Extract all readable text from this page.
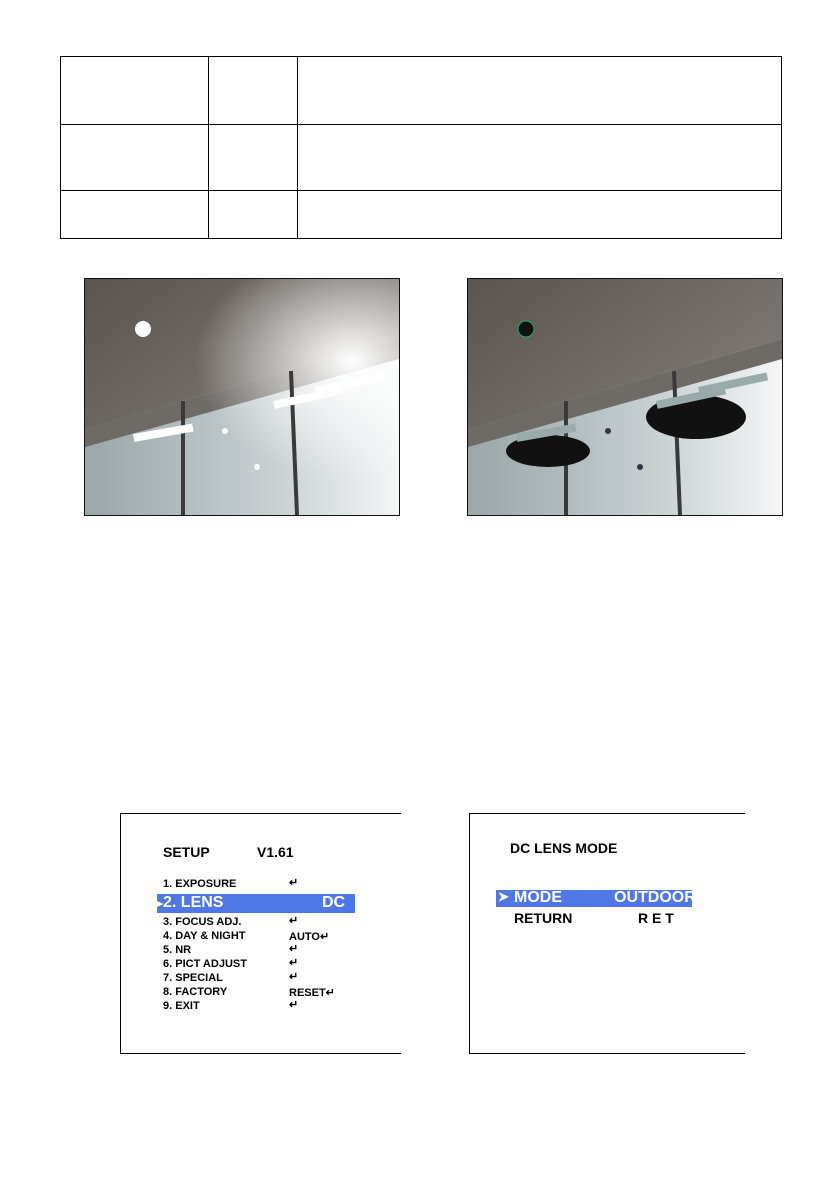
SETUP	V1.61
1. EXPOSURE	↵
➤ 2. LENS	DC
3. FOCUS ADJ.	↵
4. DAY & NIGHT	AUTO↵
5. NR	↵
6. PICT ADJUST	↵
7. SPECIAL	↵
8. FACTORY	RESET↵
9. EXIT	↵
DC LENS MODE
➤ MODE	OUTDOOR
RETURN	R E T
